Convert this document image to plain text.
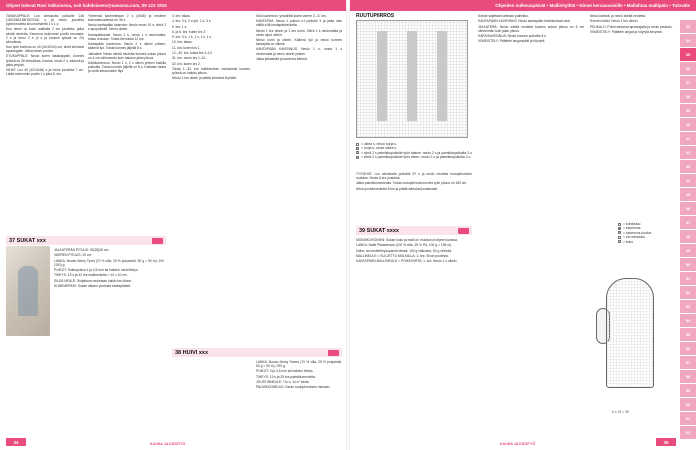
Ohjeet tulevat Ravi Valkoisena, osit kahdeiseen@sanoma.com, 09 123 1915	Ohjeiden sulkeuspäivät • Mallinhyllöä • Nimet kersauvaisille • Mallahtaa mallipäin • Tuloväle

TAKAKAPPALE: Luo silmukoita puikoille 148 (160/168/188/192/216) s ja neulo joustinta pyöröneuletta sivun keskeltä 1 s 1 p.

Kun neule on koko matkalla 2 cm joustinta, jatka sileää neuletta. Kavenna molemmin puolin reunasta: 2 s ja kerro 2 s (4 s ja kunnes työssä on 20) silmukkaa.

Kun työn korkeus on 40 (41/43/44) cm, siirrä silmukat apulangalle. Jatka toisen puolen.

ETUKAPPALE: Neulo kuten takakappale, kunnes työssä on 36 silmukkaa. Kaulus: neulo 2 s, käännä ja jatka ympäri.

HIHAT: Luo 40 (42/44/46) s ja neulo joustinta 7 cm. Lisää molemmin puolin 1 s joka 8. krs.

37 SUKAT xxx

JALKATERÄN PITUUS: 25(28)26 cm

VARREN PITUUS: 20 cm

LANKA: Novan Nemy Tyvet (70 % villa, 25 % polyamidi, 50 g = 90 m), 100 (150) g.

PUIKOT: Sukkapuikot 4 ja 4,5 mm tai halutun neuletiheys.

TIHEYS: 19 s ja 32 krs mallineuletta = 10 x 10 cm.

SILEÄ NEULE: Suljettuna neuletaan kaikki krs oikein.

KONEMERKKI: Sukan alkaen puolesta kantapäästä.

Yhteensä kavennetaan 2 s (4/6/8) ja neuleen kokonaisuudessa on 36 s.

Neulo kantapään kaarroke: Neulo ensin 10 s, siirrä 2 s apupuikolle. Neulo oikein.

Kantapääneule: Neulo 1 s, nosta 1 s neulomatta, toista reunaan. Toista kerroksia 12 krs.

Kantapään kavennus: Neulo 2 s oikein yhteen, käännä työ. Toista kunnes jäljellä 8 s.

Jalkaterä: Neulo sileää neuletta kunnes sukan pituus on 4 cm vähemmän kuin halutun jalan pituus.

Kärkikavennus: Neulo 1 s, 2 s oikein yhteen kaikilla puikoilla. Toista kunnes jäljellä on 8 s. Katkaise lanka ja vedä silmukoiden läpi.

3. krs: takas.

4. krs: 3 s, 2 o yht, 2 s, 3 s.

5. krs: 1 s.

6. ja 8. krs: kuten krs 2.

9. krs: 3 s, 1 k, 1 s, 1 k, 1 s.

10. krs: takas.

11. krs: kuten krs 1.

12.–30. krs: toista krs 4–10.

31. krs: neulo krs 1–10.

32. krs: kuten krs 2.

Toista 1.–32. krs mallineuleen mukaisesti kunnes työssä on haluttu pituus.

Neulo 1 krs oikein ja päätä silmukat löyhästi.

Sido kavennus: ympäriltä kuten varren 2.–5. krs.

KANTAPÄÄ: Neulo 1 puikon s:t puikolle 4 ja jatka vain näillä s:llä kantapääneuletta.

Neulo 1 krs oikein ja 1 krs nurin. Siirrä 1 s neulomatta ja neulo loput oikein.

Neulo nurin ja oikein. Käännä työ ja neulo kunnes kantapää on valmis.

KANTAPÄÄN KAVENNUS: Neulo 1 s, nosta 1 s neulomatta ja neulo oikein yhteen.

Jatka jalkaterää ja kavenna kärkeä.

38 HUIVI xxx

LANKA: Novan Nemy Tweed (70 % villa, 25 % polyamidi, 50 g = 90 m), 250 g.

PUIKOT: 4 ja 4,5 mm tai halutun tiheys.

TIHEYS: 19 s ja 25 krs palmikkoneuletta.

JOUSTINNEULE: *1s o, 1s n* toista.

PALMIKKONEULE: Neulo ruutupiirroksen mukaan.

KAUHA JA KÄSITYÖ
34
RUUTUPIIRROS
= oikea s. neulo nurja s.
= nurja s. neulo oikea s.
= siirrä 2 s palmikkopuikolle työn taakse, neulo 2 o ja palmikkopuikolta 2 o
= siirrä 2 s palmikkopuikolle työn eteen, neulo 2 o ja palmikkopuikolta 2 o

TYÖOHJE: Luo silmukoita puikoille 57 s ja neulo neuletta ruutupiirroksen mukaan. Neulo 8 krs joustinta.

Jatka palmikkoneulealla. Toista ruutupiirrosta kunnes työn pituus on 180 cm.

Neulo joustinneuletta 8 krs ja päätä silmukat joustavasti.

39 SUKAT xxxx

MONISKOKOINEN: Sukan koko ja malli on muuttunut ohjeen kanssa.

LANKA: Nalle Pirkanmaan (100 % villa, 25 % PA, 100 g = 196 m).

Vaihe: tai neuletiheysuplavit näinsä: 100 g valkoista, 50 g vihreää.

MALLINEULE = SULJETTU MOLMILLA: 1. krs: Sivun puolesta.

KANTAPÄÄN MALLINEULE = POIKKIVIRTA: 1. krs: Neulo 1 s oikein.

Kohde suljetaan laiteaan palmikko.

KANTAPÄÄN KAVENNUS: Neulo kantapään keskikohtaan asti.

JALKATERÄ: Neulo sileää neuletta kunnes sukan pituus on 5 cm vähemmän kuin jalan pituus.

KÄRKIKAVENNUS: Neulo kunnes puikoilla 8 s.

VIIMEISTELY: Päättele langanpäät ja höyrytä.

Neulo kärkeä, ja neulo sileää neuletta.

Sormen kärki: Neulo 1 krs oikein.

PEUKALO: Poimi silmukat apulangalta ja neulo peukalo.

VIIMEISTELY: Päättele langat ja höyrytä kevyesti.

= kohdistuu
= kavennus
= kavennus koulun
= luo silmukka
= koko
5 x 19 = 95
KAUHA JA KÄSITYÖ	35
33
34
35
36
37
38
39
40
41
42
43
44
45
46
47
48
49
50
51
52
53
54
55
56
57
58
59
60
61
62
